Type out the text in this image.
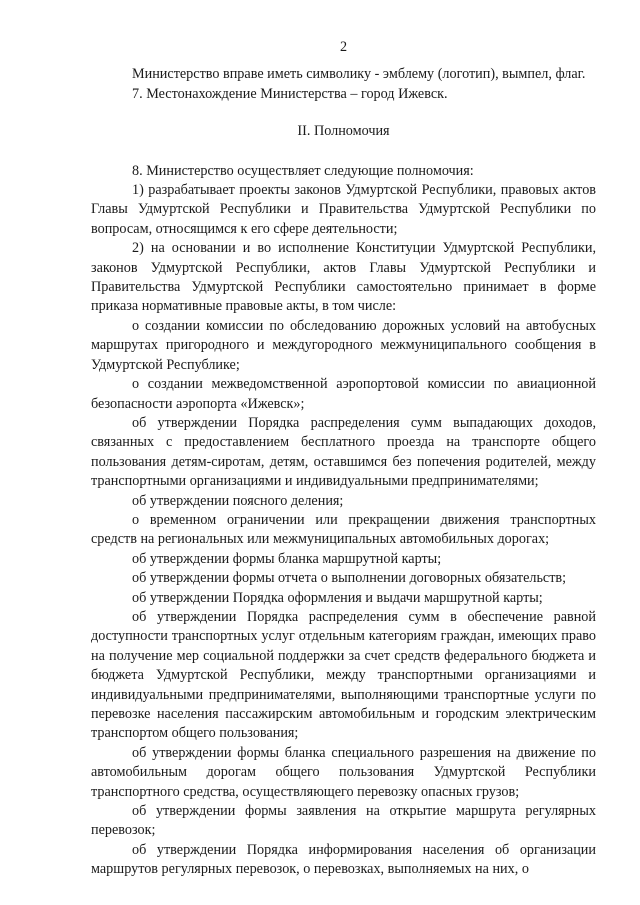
2

Министерство вправе иметь символику - эмблему (логотип), вымпел, флаг.

7. Местонахождение Министерства – город Ижевск.

II. Полномочия

8. Министерство осуществляет следующие полномочия:

1) разрабатывает проекты законов Удмуртской Республики, правовых актов Главы Удмуртской Республики и Правительства Удмуртской Республики по вопросам, относящимся к его сфере деятельности;

2) на основании и во исполнение Конституции Удмуртской Республики, законов Удмуртской Республики, актов Главы Удмуртской Республики и Правительства Удмуртской Республики самостоятельно принимает в форме приказа нормативные правовые акты, в том числе:

о создании комиссии по обследованию дорожных условий на автобусных маршрутах пригородного и междугородного межмуниципального сообщения в Удмуртской Республике;

о создании межведомственной аэропортовой комиссии по авиационной безопасности аэропорта «Ижевск»;

об утверждении Порядка распределения сумм выпадающих доходов, связанных с предоставлением бесплатного проезда на транспорте общего пользования детям-сиротам, детям, оставшимся без попечения родителей, между транспортными организациями и индивидуальными предпринимателями;

об утверждении поясного деления;

о временном ограничении или прекращении движения транспортных средств на региональных или межмуниципальных автомобильных дорогах;

об утверждении формы бланка маршрутной карты;

об утверждении формы отчета о выполнении договорных обязательств;

об утверждении Порядка оформления и выдачи маршрутной карты;

об утверждении Порядка распределения сумм в обеспечение равной доступности транспортных услуг отдельным категориям граждан, имеющих право на получение мер социальной поддержки за счет средств федерального бюджета и бюджета Удмуртской Республики, между транспортными организациями и индивидуальными предпринимателями, выполняющими транспортные услуги по перевозке населения пассажирским автомобильным и городским электрическим транспортом общего пользования;

об утверждении формы бланка специального разрешения на движение по автомобильным дорогам общего пользования Удмуртской Республики транспортного средства, осуществляющего перевозку опасных грузов;

об утверждении формы заявления на открытие маршрута регулярных перевозок;

об утверждении Порядка информирования населения об организации маршрутов регулярных перевозок, о перевозках, выполняемых на них, о
